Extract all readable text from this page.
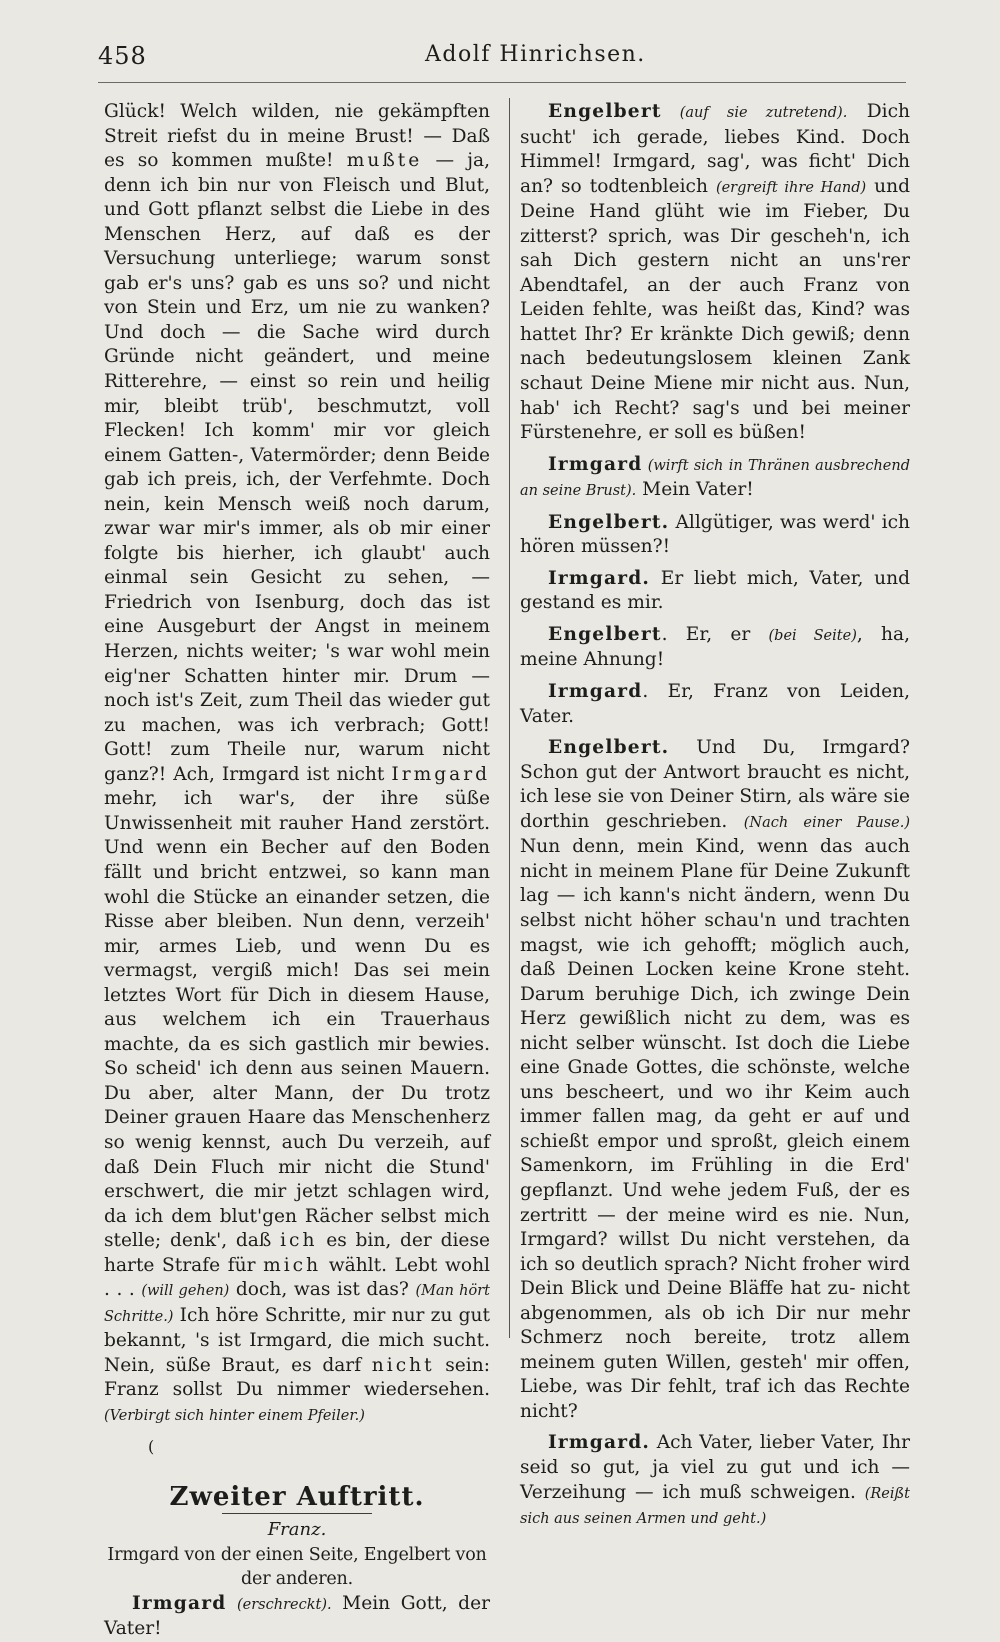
458	Adolf Hinrichsen.

Glück! Welch wilden, nie gekämpften Streit riefst du in meine Brust! — Daß es so kommen mußte! mußte — ja, denn ich bin nur von Fleisch und Blut, und Gott pflanzt selbst die Liebe in des Menschen Herz, auf daß es der Versuchung unterliege; warum sonst gab er's uns? gab es uns so? und nicht von Stein und Erz, um nie zu wanken? Und doch — die Sache wird durch Gründe nicht geändert, und meine Ritterehre, — einst so rein und heilig mir, bleibt trüb', beschmutzt, voll Flecken! Ich komm' mir vor gleich einem Gatten-, Vatermörder; denn Beide gab ich preis, ich, der Verfehmte. Doch nein, kein Mensch weiß noch darum, zwar war mir's immer, als ob mir einer folgte bis hierher, ich glaubt' auch einmal sein Gesicht zu sehen, — Friedrich von Isenburg, doch das ist eine Ausgeburt der Angst in meinem Herzen, nichts weiter; 's war wohl mein eig'ner Schatten hinter mir. Drum — noch ist's Zeit, zum Theil das wieder gut zu machen, was ich verbrach; Gott! Gott! zum Theile nur, warum nicht ganz?! Ach, Irmgard ist nicht Irmgard mehr, ich war's, der ihre süße Unwissenheit mit rauher Hand zerstört. Und wenn ein Becher auf den Boden fällt und bricht entzwei, so kann man wohl die Stücke an einander setzen, die Risse aber bleiben. Nun denn, verzeih' mir, armes Lieb, und wenn Du es vermagst, vergiß mich! Das sei mein letztes Wort für Dich in diesem Hause, aus welchem ich ein Trauerhaus machte, da es sich gastlich mir bewies. So scheid' ich denn aus seinen Mauern. Du aber, alter Mann, der Du trotz Deiner grauen Haare das Menschenherz so wenig kennst, auch Du verzeih, auf daß Dein Fluch mir nicht die Stund' erschwert, die mir jetzt schlagen wird, da ich dem blut'gen Rächer selbst mich stelle; denk', daß ich es bin, der diese harte Strafe für mich wählt. Lebt wohl . . . (will gehen) doch, was ist das? (Man hört Schritte.) Ich höre Schritte, mir nur zu gut bekannt, 's ist Irmgard, die mich sucht. Nein, süße Braut, es darf nicht sein: Franz sollst Du nimmer wiedersehen. (Verbirgt sich hinter einem Pfeiler.)

(
Zweiter Auftritt.
Franz.
Irmgard von der einen Seite, Engelbert von der anderen.

Irmgard (erschreckt). Mein Gott, der Vater!

Engelbert (auf sie zutretend). Dich sucht' ich gerade, liebes Kind. Doch Himmel! Irmgard, sag', was ficht' Dich an? so todtenbleich (ergreift ihre Hand) und Deine Hand glüht wie im Fieber, Du zitterst? sprich, was Dir gescheh'n, ich sah Dich gestern nicht an uns'rer Abendtafel, an der auch Franz von Leiden fehlte, was heißt das, Kind? was hattet Ihr? Er kränkte Dich gewiß; denn nach bedeutungslosem kleinen Zank schaut Deine Miene mir nicht aus. Nun, hab' ich Recht? sag's und bei meiner Fürstenehre, er soll es büßen!

Irmgard (wirft sich in Thränen ausbrechend an seine Brust). Mein Vater!

Engelbert. Allgütiger, was werd' ich hören müssen?!

Irmgard. Er liebt mich, Vater, und gestand es mir.

Engelbert. Er, er (bei Seite), ha, meine Ahnung!

Irmgard. Er, Franz von Leiden, Vater.

Engelbert. Und Du, Irmgard? Schon gut der Antwort braucht es nicht, ich lese sie von Deiner Stirn, als wäre sie dorthin geschrieben. (Nach einer Pause.) Nun denn, mein Kind, wenn das auch nicht in meinem Plane für Deine Zukunft lag — ich kann's nicht ändern, wenn Du selbst nicht höher schau'n und trachten magst, wie ich gehofft; möglich auch, daß Deinen Locken keine Krone steht. Darum beruhige Dich, ich zwinge Dein Herz gewißlich nicht zu dem, was es nicht selber wünscht. Ist doch die Liebe eine Gnade Gottes, die schönste, welche uns bescheert, und wo ihr Keim auch immer fallen mag, da geht er auf und schießt empor und sproßt, gleich einem Samenkorn, im Frühling in die Erd' gepflanzt. Und wehe jedem Fuß, der es zertritt — der meine wird es nie. Nun, Irmgard? willst Du nicht verstehen, da ich so deutlich sprach? Nicht froher wird Dein Blick und Deine Bläffe hat zu- nicht abgenommen, als ob ich Dir nur mehr Schmerz noch bereite, trotz allem meinem guten Willen, gesteh' mir offen, Liebe, was Dir fehlt, traf ich das Rechte nicht?

Irmgard. Ach Vater, lieber Vater, Ihr seid so gut, ja viel zu gut und ich — Verzeihung — ich muß schweigen. (Reißt sich aus seinen Armen und geht.)
